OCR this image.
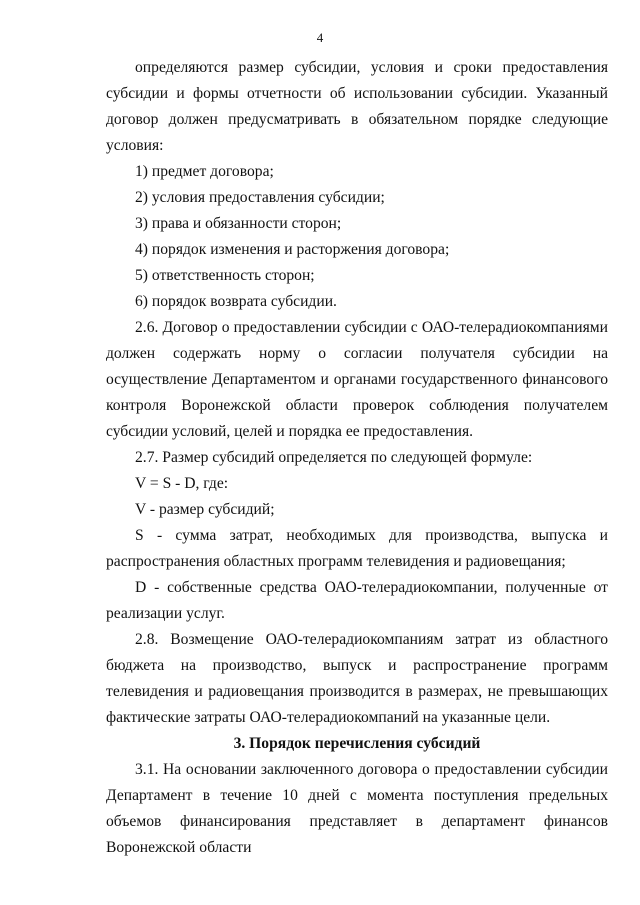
4

определяются размер субсидии, условия и сроки предоставления субсидии и формы отчетности об использовании субсидии. Указанный договор должен предусматривать в обязательном порядке следующие условия:

1) предмет договора;

2) условия предоставления субсидии;

3) права и обязанности сторон;

4) порядок изменения и расторжения договора;

5) ответственность сторон;

6) порядок возврата субсидии.

2.6. Договор о предоставлении субсидии с ОАО-телерадиокомпаниями должен содержать норму о согласии получателя субсидии на осуществление Департаментом и органами государственного финансового контроля Воронежской области проверок соблюдения получателем субсидии условий, целей и порядка ее предоставления.

2.7. Размер субсидий определяется по следующей формуле:

V = S - D, где:

V - размер субсидий;

S - сумма затрат, необходимых для производства, выпуска и распространения областных программ телевидения и радиовещания;

D - собственные средства ОАО-телерадиокомпании, полученные от реализации услуг.

2.8. Возмещение ОАО-телерадиокомпаниям затрат из областного бюджета на производство, выпуск и распространение программ телевидения и радиовещания производится в размерах, не превышающих фактические затраты ОАО-телерадиокомпаний на указанные цели.

3. Порядок перечисления субсидий

3.1. На основании заключенного договора о предоставлении субсидии Департамент в течение 10 дней с момента поступления предельных объемов финансирования представляет в департамент финансов Воронежской области
